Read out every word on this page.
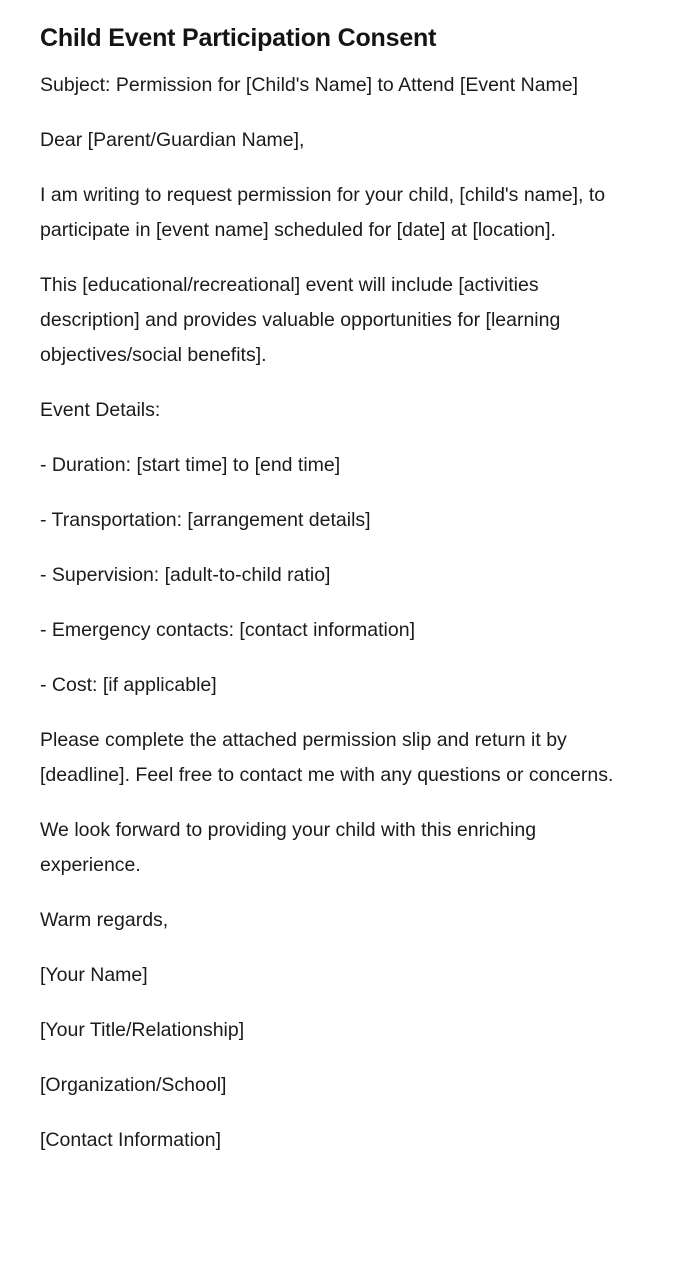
Child Event Participation Consent

Subject: Permission for [Child's Name] to Attend [Event Name]

Dear [Parent/Guardian Name],

I am writing to request permission for your child, [child's name], to participate in [event name] scheduled for [date] at [location].

This [educational/recreational] event will include [activities description] and provides valuable opportunities for [learning objectives/social benefits].

Event Details:

- Duration: [start time] to [end time]

- Transportation: [arrangement details]

- Supervision: [adult-to-child ratio]

- Emergency contacts: [contact information]

- Cost: [if applicable]

Please complete the attached permission slip and return it by [deadline]. Feel free to contact me with any questions or concerns.

We look forward to providing your child with this enriching experience.

Warm regards,

[Your Name]

[Your Title/Relationship]

[Organization/School]

[Contact Information]
